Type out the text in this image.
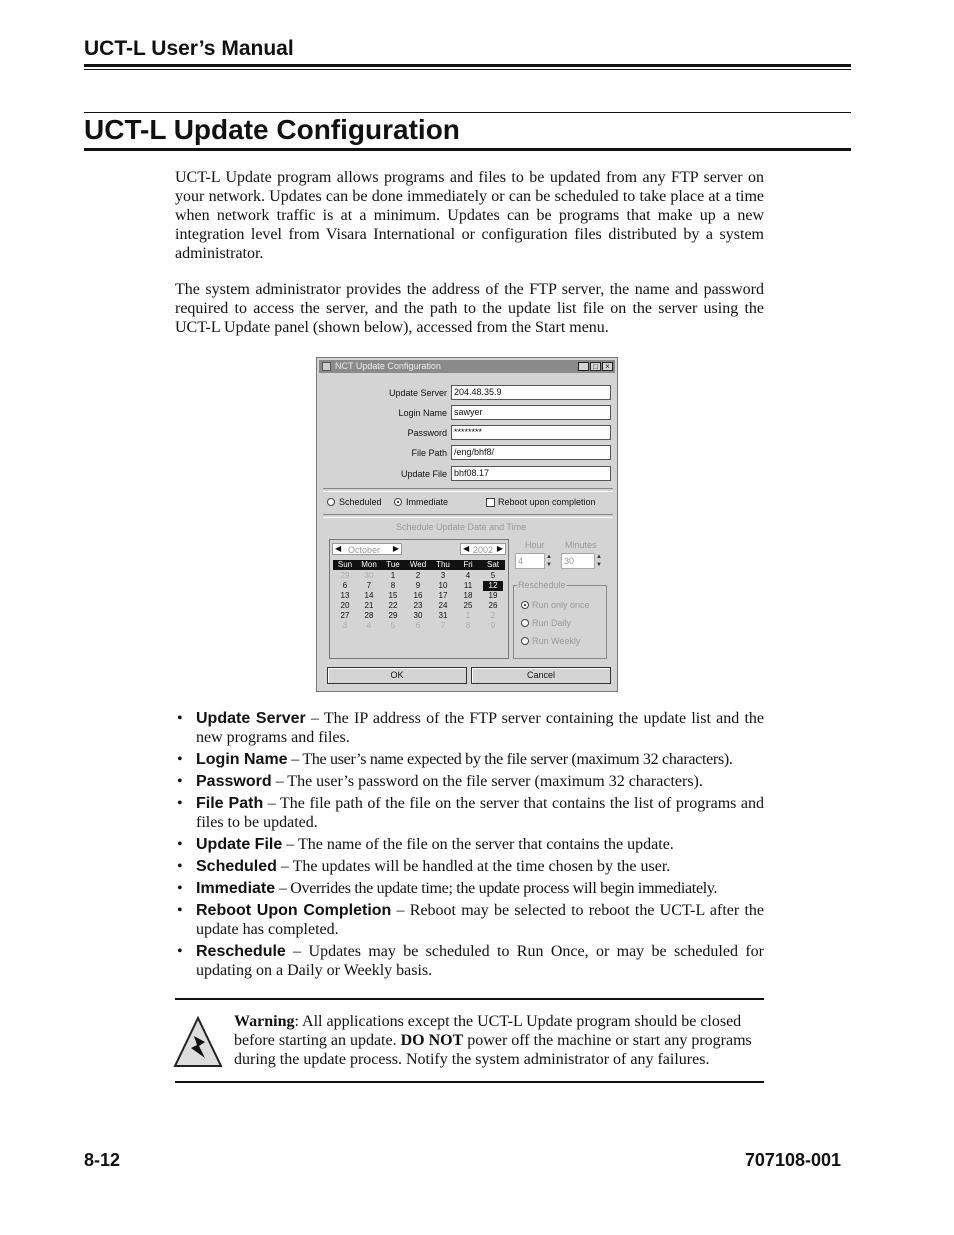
UCT-L User’s Manual
UCT-L Update Configuration

UCT-L Update program allows programs and files to be updated from any FTP server on your network. Updates can be done immediately or can be scheduled to take place at a time when network traffic is at a minimum. Updates can be programs that make up a new integration level from Visara International or configuration files distributed by a system administrator.

The system administrator provides the address of the FTP server, the name and password required to access the server, and the path to the update list file on the server using the UCT-L Update panel (shown below), accessed from the Start menu.

NCT Update Configuration	_ □ ×
Update Server 204.48.35.9
Login Name sawyer
Password ********
File Path /eng/bhf8/
Update File bhf08.17
Scheduled	Immediate	Reboot upon completion
Schedule Update Date and Time
◀ October ▶	◀ 2002 ▶
Sun	Mon	Tue	Wed	Thu	Fri	Sat
29	30	1	2	3	4	5
6	7	8	9	10	11	12
13	14	15	16	17	18	19
20	21	22	23	24	25	26
27	28	29	30	31	1	2
3	4	5	6	7	8	9
Hour Minutes
4	▲
▼	30	▲
▼
Reschedule
Run only once
Run Daily
Run Weekly
OK	Cancel
• Update Server – The IP address of the FTP server containing the update list and the new programs and files.
• Login Name – The user’s name expected by the file server (maximum 32 characters).
• Password – The user’s password on the file server (maximum 32 characters).
• File Path – The file path of the file on the server that contains the list of programs and files to be updated.
• Update File – The name of the file on the server that contains the update.
• Scheduled – The updates will be handled at the time chosen by the user.
• Immediate – Overrides the update time; the update process will begin immediately.
• Reboot Upon Completion – Reboot may be selected to reboot the UCT-L after the update has completed.
• Reschedule – Updates may be scheduled to Run Once, or may be scheduled for updating on a Daily or Weekly basis.

Warning: All applications except the UCT-L Update program should be closed before starting an update. DO NOT power off the machine or start any programs during the update process. Notify the system administrator of any failures.

8-12	707108-001
